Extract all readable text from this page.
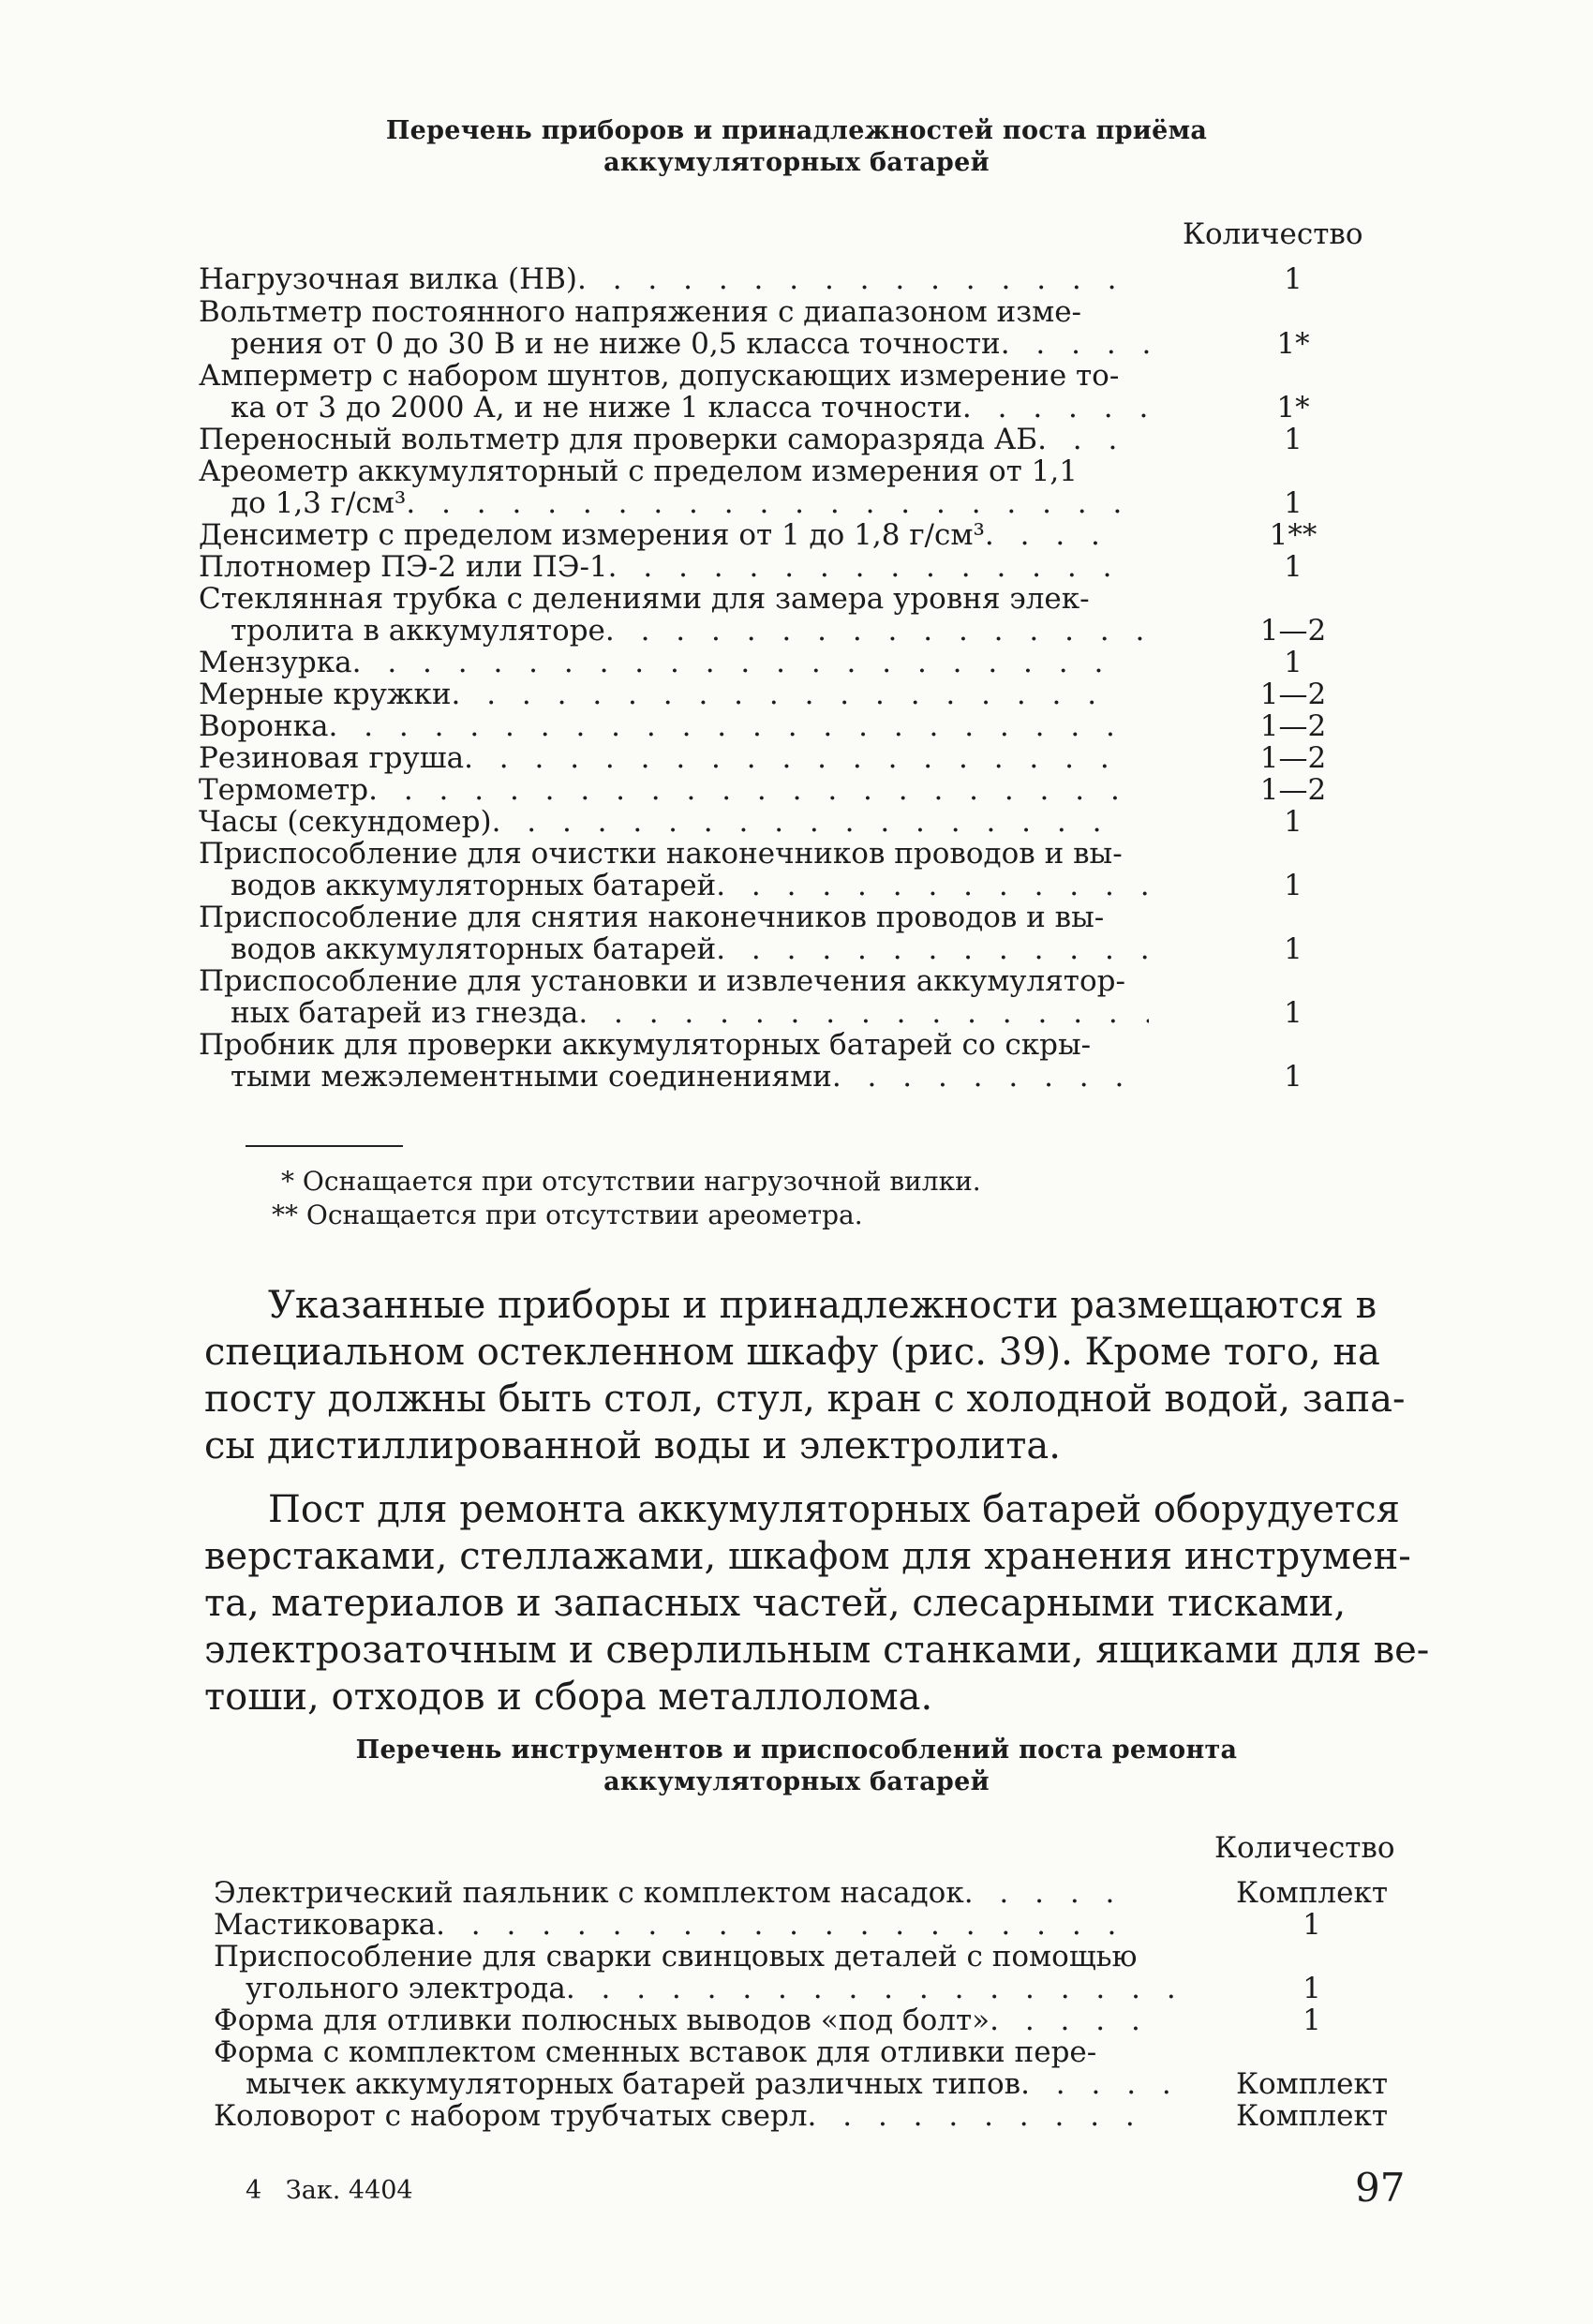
Перечень приборов и принадлежностей поста приёма
аккумуляторных батарей
Количество
Нагрузочная вилка (НВ)
. . .
Вольтметр постоянного напряжения с диапазоном изме-
рения от 0 до 30 В и не ниже 0,5 класса точности
. . .
Амперметр с набором шунтов, допускающих измерение то-
ка от 3 до 2000 А, и не ниже 1 класса точности
. . .
Переносный вольтметр для проверки саморазряда АБ
. . .
Ареометр аккумуляторный с пределом измерения от 1,1
до 1,3 г/см³
. . .
Денсиметр с пределом измерения от 1 до 1,8 г/см³
. . .
Плотномер ПЭ-2 или ПЭ-1
. . .
Стеклянная трубка с делениями для замера уровня элек-
тролита в аккумуляторе
. . .
Мензурка
. . .
Мерные кружки
. . .
Воронка
. . .
Резиновая груша
. . .
Термометр
. . .
Часы (секундомер)
. . .
Приспособление для очистки наконечников проводов и вы-
водов аккумуляторных батарей
. . .
Приспособление для снятия наконечников проводов и вы-
водов аккумуляторных батарей
. . .
Приспособление для установки и извлечения аккумулятор-
ных батарей из гнезда
. . .
Пробник для проверки аккумуляторных батарей со скры-
тыми межэлементными соединениями
. . .
1
1*
1*
1
1
1**
1
1—2
1
1—2
1—2
1—2
1—2
1
1
1
1
1
* Оснащается при отсутствии нагрузочной вилки.
** Оснащается при отсутствии ареометра.
Указанные приборы и принадлежности размещаются в
специальном остекленном шкафу (рис. 39). Кроме того, на
посту должны быть стол, стул, кран с холодной водой, запа-
сы дистиллированной воды и электролита.
Пост для ремонта аккумуляторных батарей оборудуется
верстаками, стеллажами, шкафом для хранения инструмен-
та, материалов и запасных частей, слесарными тисками,
электрозаточным и сверлильным станками, ящиками для ве-
тоши, отходов и сбора металлолома.
Перечень инструментов и приспособлений поста ремонта
аккумуляторных батарей
Количество
Электрический паяльник с комплектом насадок
. . .
Мастиковарка
. . .
Приспособление для сварки свинцовых деталей с помощью
угольного электрода
. . .
Форма для отливки полюсных выводов «под болт»
. . .
Форма с комплектом сменных вставок для отливки пере-
мычек аккумуляторных батарей различных типов
. . .
Коловорот с набором трубчатых сверл
. . .
Комплект
1
1
1
Комплект
Комплект
4   Зак. 4404	97
